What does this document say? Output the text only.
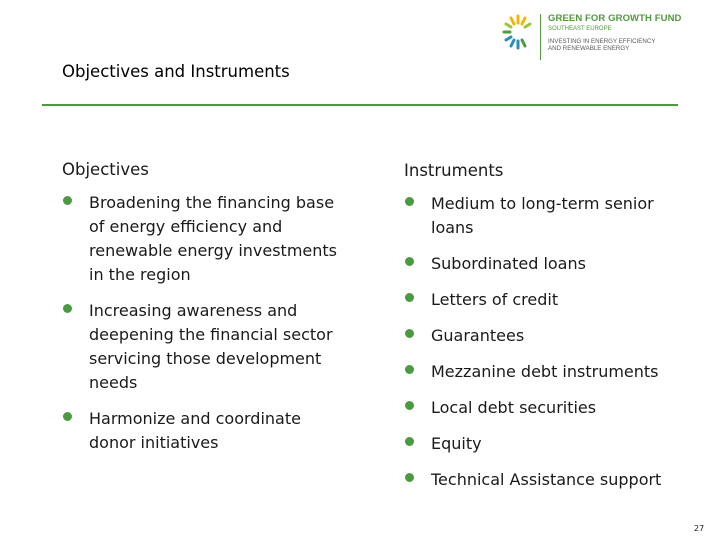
GREEN FOR GROWTH FUND
SOUTHEAST EUROPE
INVESTING IN ENERGY EFFICIENCY
AND RENEWABLE ENERGY
Objectives and Instruments
Objectives
Broadening the financing base of energy efficiency and renewable energy investments in the region
Increasing awareness and deepening the financial sector servicing those development needs
Harmonize and coordinate donor initiatives
Instruments
Medium to long-term senior loans
Subordinated loans
Letters of credit
Guarantees
Mezzanine debt instruments
Local debt securities
Equity
Technical Assistance support
27
